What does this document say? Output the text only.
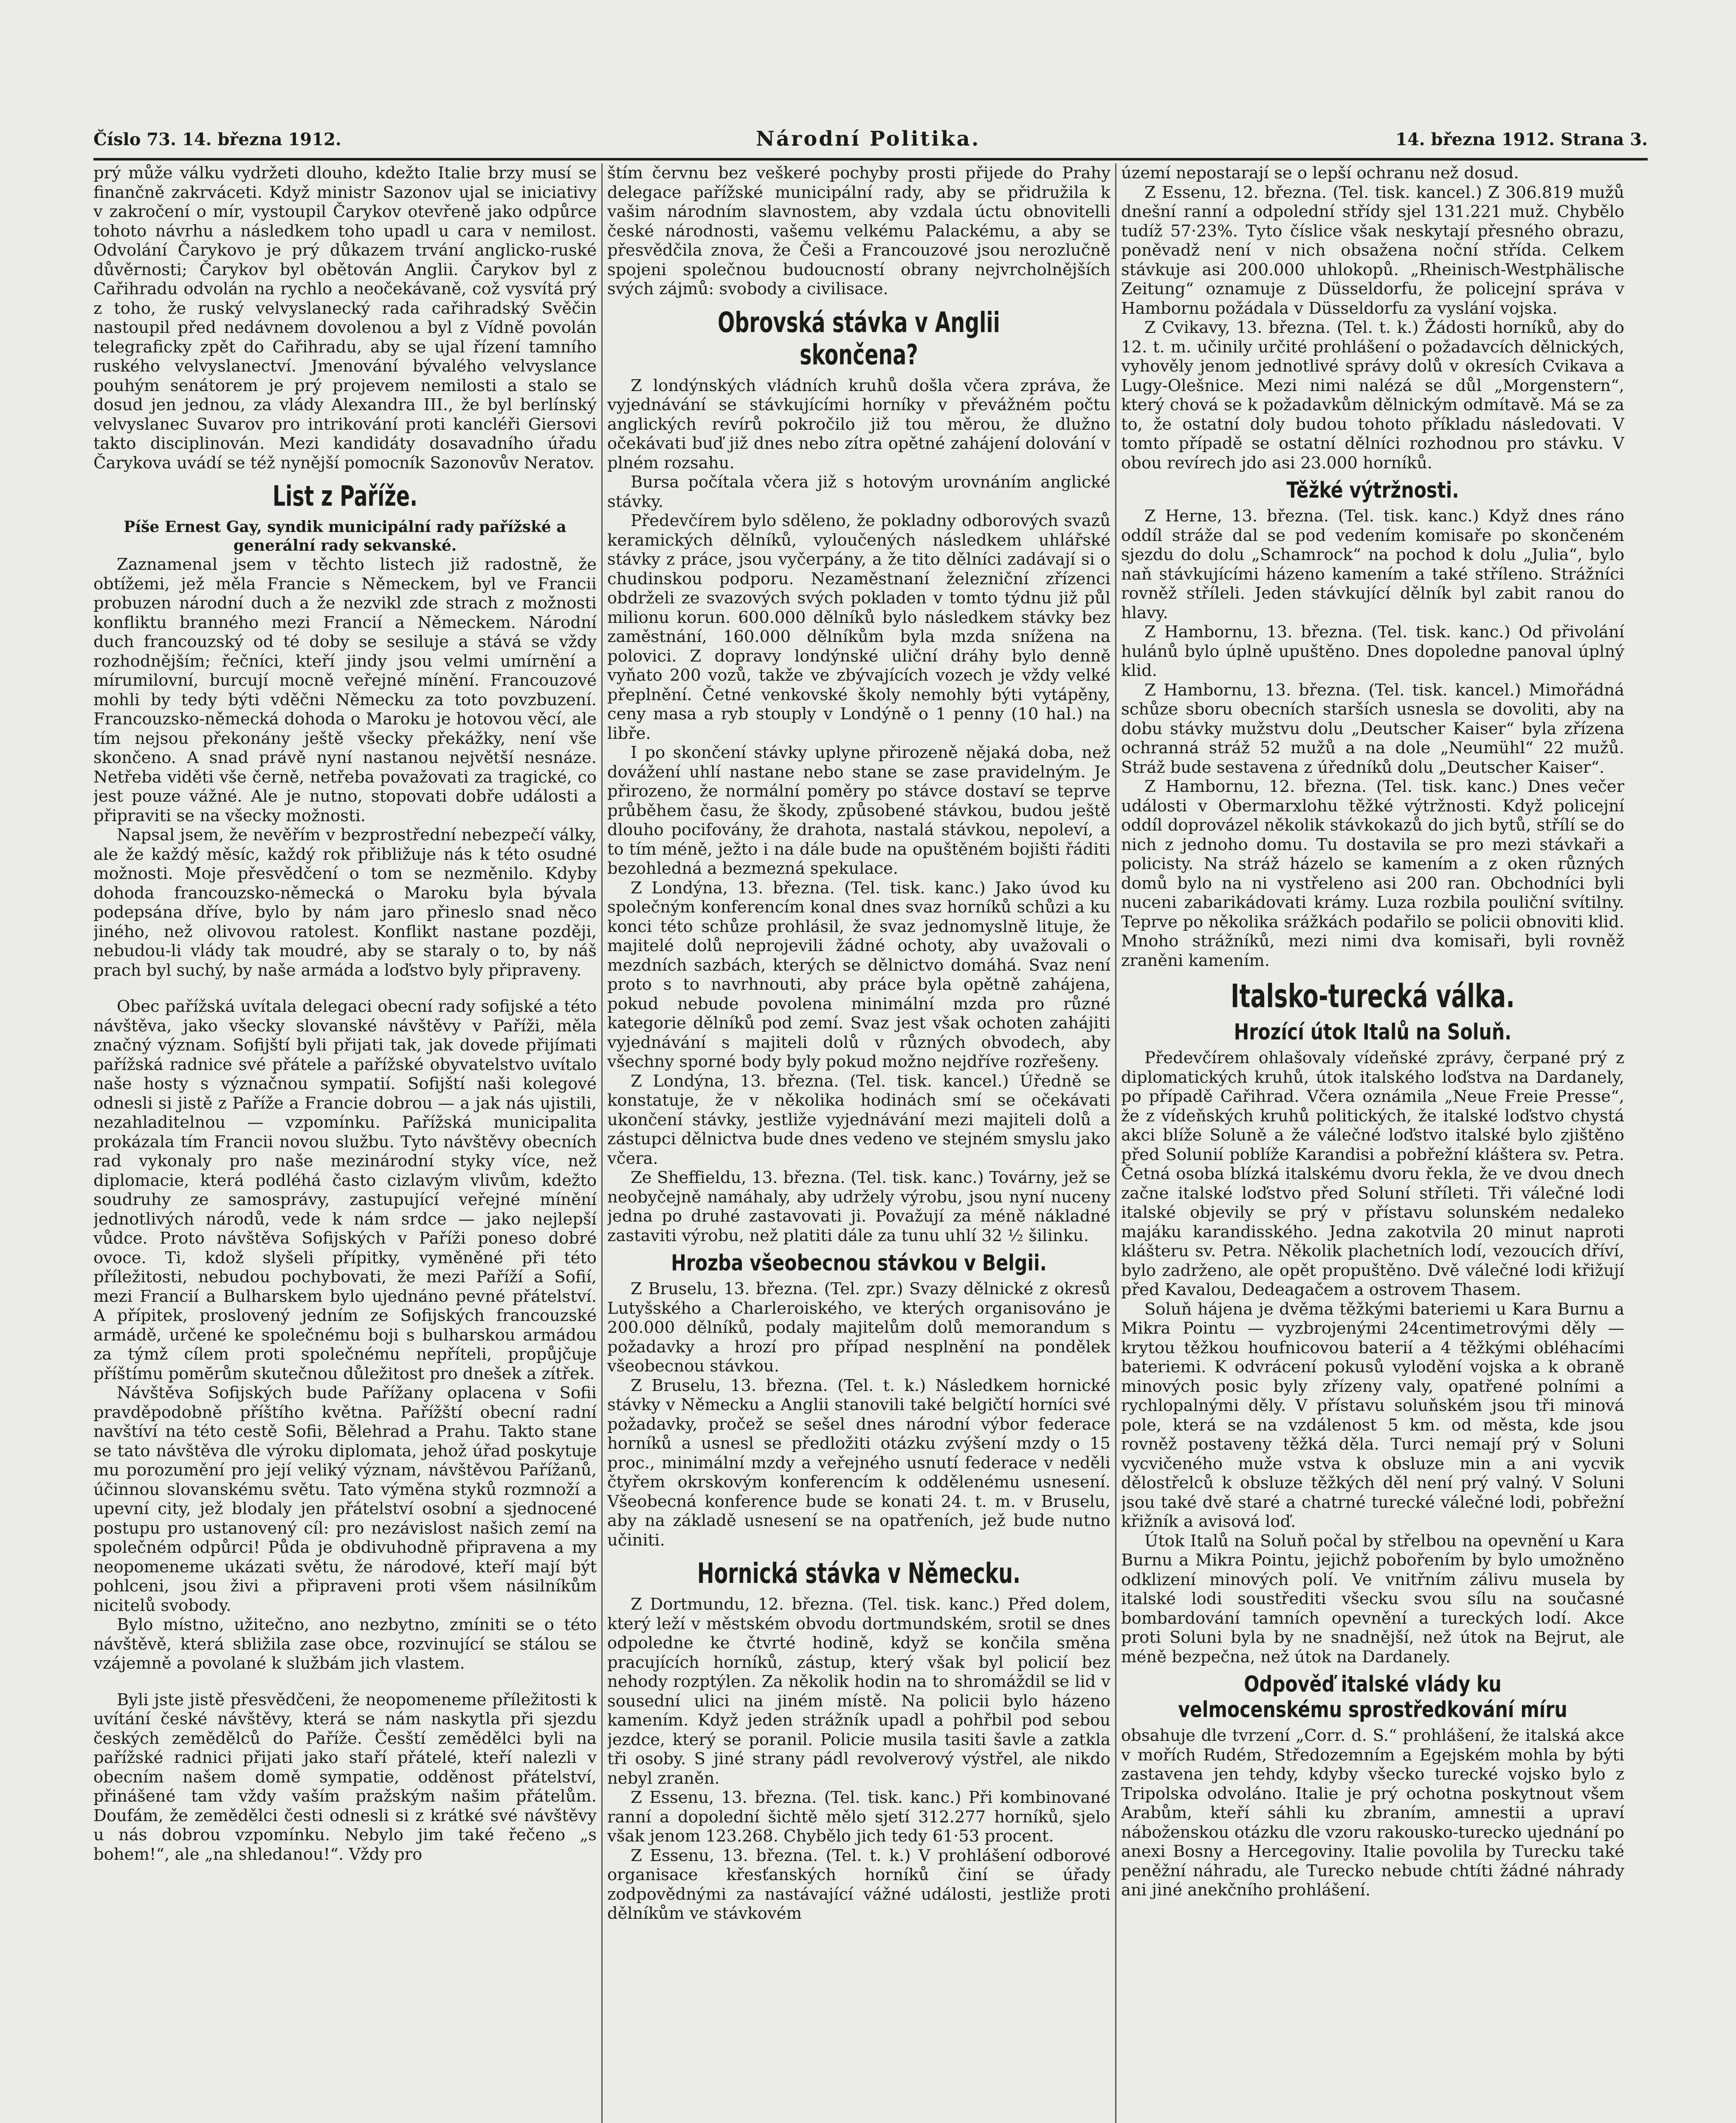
Číslo 73. 14. března 1912.	Národní Politika.	14. března 1912. Strana 3.

prý může válku vydržeti dlouho, kdežto Italie brzy musí se finančně zakrváceti. Když ministr Sazonov ujal se iniciativy v zakročení o mír, vystoupil Čarykov otevřeně jako odpůrce tohoto návrhu a následkem toho upadl u cara v nemilost. Odvolání Čarykovo je prý důkazem trvání anglicko-ruské důvěrnosti; Čarykov byl obětován Anglii. Čarykov byl z Cařihradu odvolán na rychlo a neočekávaně, což vysvítá prý z toho, že ruský velvyslanecký rada cařihradský Svěčin nastoupil před nedávnem dovolenou a byl z Vídně povolán telegraficky zpět do Cařihradu, aby se ujal řízení tamního ruského velvyslanectví. Jmenování bývalého velvyslance pouhým senátorem je prý projevem nemilosti a stalo se dosud jen jednou, za vlády Alexandra III., že byl berlínský velvyslanec Suvarov pro intrikování proti kancléři Giersovi takto disciplinován. Mezi kandidáty dosavadního úřadu Čarykova uvádí se též nynější pomocník Sazonovův Neratov.

List z Paříže.

Píše Ernest Gay, syndik municipální rady pařížské a generální rady sekvanské.

Zaznamenal jsem v těchto listech již radostně, že obtížemi, jež měla Francie s Německem, byl ve Francii probuzen národní duch a že nezvikl zde strach z možnosti konfliktu branného mezi Francií a Německem. Národní duch francouzský od té doby se sesiluje a stává se vždy rozhodnějším; řečníci, kteří jindy jsou velmi umírnění a mírumilovní, burcují mocně veřejné mínění. Francouzové mohli by tedy býti vděčni Německu za toto povzbuzení. Francouzsko-německá dohoda o Maroku je hotovou věcí, ale tím nejsou překonány ještě všecky překážky, není vše skončeno. A snad právě nyní nastanou největší nesnáze. Netřeba viděti vše černě, netřeba považovati za tragické, co jest pouze vážné. Ale je nutno, stopovati dobře události a připraviti se na všecky možnosti.

Napsal jsem, že nevěřím v bezprostřední nebezpečí války, ale že každý měsíc, každý rok přibližuje nás k této osudné možnosti. Moje přesvědčení o tom se nezměnilo. Kdyby dohoda francouzsko-německá o Maroku byla bývala podepsána dříve, bylo by nám jaro přineslo snad něco jiného, než olivovou ratolest. Konflikt nastane později, nebudou-li vlády tak moudré, aby se staraly o to, by náš prach byl suchý, by naše armáda a loďstvo byly připraveny.

Obec pařížská uvítala delegaci obecní rady sofijské a této návštěva, jako všecky slovanské návštěvy v Paříži, měla značný význam. Sofijští byli přijati tak, jak dovede přijímati pařížská radnice své přátele a pařížské obyvatelstvo uvítalo naše hosty s význačnou sympatií. Sofijští naši kolegové odnesli si jistě z Paříže a Francie dobrou — a jak nás ujistili, nezahladitelnou — vzpomínku. Pařížská municipalita prokázala tím Francii novou službu. Tyto návštěvy obecních rad vykonaly pro naše mezinárodní styky více, než diplomacie, která podléhá často cizlavým vlivům, kdežto soudruhy ze samosprávy, zastupující veřejné mínění jednotlivých národů, vede k nám srdce — jako nejlepší vůdce. Proto návštěva Sofijských v Paříži poneso dobré ovoce. Ti, kdož slyšeli přípitky, vyměněné při této příležitosti, nebudou pochybovati, že mezi Paříží a Sofií, mezi Francií a Bulharskem bylo ujednáno pevné přátelství. A přípitek, proslovený jedním ze Sofijských francouzské armádě, určené ke společnému boji s bulharskou armádou za týmž cílem proti společnému nepříteli, propůjčuje příštímu pomĕrům skutečnou důležitost pro dnešek a zítřek.

Návštěva Sofijských bude Pařížany oplacena v Sofii pravděpodobně příštího května. Pařížští obecní radní navštíví na této cestě Sofii, Bělehrad a Prahu. Takto stane se tato návštěva dle výroku diplomata, jehož úřad poskytuje mu porozumění pro její veliký význam, návštěvou Pařížanů, účinnou slovanskému světu. Tato výměna styků rozmnoží a upevní city, jež blodaly jen přátelství osobní a sjednocené postupu pro ustanovený cíl: pro nezávislost našich zemí na společném odpůrci! Půda je obdivuhodně připravena a my neopomeneme ukázati světu, že národové, kteří mají být pohlceni, jsou živi a připraveni proti všem násilníkům nicitelů svobody.

Bylo místno, užitečno, ano nezbytno, zmíniti se o této návštěvě, která sbližila zase obce, rozvinující se stálou se vzájemně a povolané k službám jich vlastem.

Byli jste jistě přesvědčeni, že neopomeneme příležitosti k uvítání české návštěvy, která se nám naskytla při sjezdu českých zemědělců do Paříže. Česští zemědělci byli na pařížské radnici přijati jako staří přátelé, kteří nalezli v obecním našem domě sympatie, odděnost přátelství, přinášené tam vždy vaším pražským našim přátelům. Doufám, že zemědělci česti odnesli si z krátké své návštěvy u nás dobrou vzpomínku. Nebylo jim také řečeno „s bohem!“, ale „na shledanou!“. Vždy pro

štím červnu bez veškeré pochyby prosti přijede do Prahy delegace pařížské municipální rady, aby se přidružila k vašim národním slavnostem, aby vzdala úctu obnovitelli české národnosti, vašemu velkému Palackému, a aby se přesvědčila znova, že Češi a Francouzové jsou nerozlučně spojeni společnou budoucností obrany nejvrcholnějších svých zájmů: svobody a civilisace.

Obrovská stávka v Anglii skončena?

Z londýnských vládních kruhů došla včera zpráva, že vyjednávání se stávkujícími horníky v převážném počtu anglických revírů pokročilo již tou měrou, že dlužno očekávati buď již dnes nebo zítra opětné zahájení dolování v plném rozsahu.

Bursa počítala včera již s hotovým urovnáním anglické stávky.

Předevčírem bylo sděleno, že pokladny odborových svazů keramických dělníků, vyloučených následkem uhlářské stávky z práce, jsou vyčerpány, a že tito dělníci zadávají si o chudinskou podporu. Nezaměstnaní železniční zřízenci obdrželi ze svazových svých pokladen v tomto týdnu již půl milionu korun. 600.000 dělníků bylo následkem stávky bez zaměstnání, 160.000 dělníkům byla mzda snížena na polovici. Z dopravy londýnské uliční dráhy bylo denně vyňato 200 vozů, takže ve zbývajících vozech je vždy velké přeplnění. Četné venkovské školy nemohly býti vytápěny, ceny masa a ryb stouply v Londýně o 1 penny (10 hal.) na libře.

I po skončení stávky uplyne přirozeně nějaká doba, než dovážení uhlí nastane nebo stane se zase pravidelným. Je přirozeno, že normální poměry po stávce dostaví se teprve průběhem času, že škody, způsobené stávkou, budou ještě dlouho pocifovány, že drahota, nastalá stávkou, nepoleví, a to tím méně, ježto i na dále bude na opuštěném bojišti řáditi bezohledná a bezmezná spekulace.

Z Londýna, 13. března. (Tel. tisk. kanc.) Jako úvod ku společným konferencím konal dnes svaz horníků schůzi a ku konci této schůze prohlásil, že svaz jednomyslně lituje, že majitelé dolů neprojevili žádné ochoty, aby uvažovali o mezdních sazbách, kterých se dělnictvo domáhá. Svaz není proto s to navrhnouti, aby práce byla opětně zahájena, pokud nebude povolena minimální mzda pro různé kategorie dělníků pod zemí. Svaz jest však ochoten zahájiti vyjednávání s majiteli dolů v různých obvodech, aby všechny sporné body byly pokud možno nejdříve rozřešeny.

Z Londýna, 13. března. (Tel. tisk. kancel.) Úředně se konstatuje, že v několika hodinách smí se očekávati ukončení stávky, jestliže vyjednávání mezi majiteli dolů a zástupci dělnictva bude dnes vedeno ve stejném smyslu jako včera.

Ze Sheffieldu, 13. března. (Tel. tisk. kanc.) Továrny, jež se neobyčejně namáhaly, aby udržely výrobu, jsou nyní nuceny jedna po druhé zastavovati ji. Považují za méně nákladné zastaviti výrobu, než platiti dále za tunu uhlí 32 ½ šilinku.

Hrozba všeobecnou stávkou v Belgii.

Z Bruselu, 13. března. (Tel. zpr.) Svazy dělnické z okresů Lutyšského a Charleroiského, ve kterých organisováno je 200.000 dělníků, podaly majitelům dolů memorandum s požadavky a hrozí pro případ nesplnění na pondělek všeobecnou stávkou.

Z Bruselu, 13. března. (Tel. t. k.) Následkem hornické stávky v Německu a Anglii stanovili také belgičtí horníci své požadavky, pročež se sešel dnes národní výbor federace horníků a usnesl se předložiti otázku zvýšení mzdy o 15 proc., minimální mzdy a veřejného usnutí federace v neděli čtyřem okrskovým konferencím k oddělenému usnesení. Všeobecná konference bude se konati 24. t. m. v Bruselu, aby na základě usnesení se na opatřeních, jež bude nutno učiniti.

Hornická stávka v Německu.

Z Dortmundu, 12. března. (Tel. tisk. kanc.) Před dolem, který leží v městském obvodu dortmundském, srotil se dnes odpoledne ke čtvrté hodině, když se končila směna pracujících horníků, zástup, který však byl policií bez nehody rozptýlen. Za několik hodin na to shromáždil se lid v sousední ulici na jiném místě. Na policii bylo házeno kamením. Když jeden strážník upadl a pohřbil pod sebou jezdce, který se poranil. Policie musila tasiti šavle a zatkla tři osoby. S jiné strany pádl revolverový výstřel, ale nikdo nebyl zraněn.

Z Essenu, 13. března. (Tel. tisk. kanc.) Při kombinované ranní a dopolední šichtě mělo sjetí 312.277 horníků, sjelo však jenom 123.268. Chybělo jich tedy 61·53 procent.

Z Essenu, 13. března. (Tel. t. k.) V prohlášení odborové organisace křesťanských horníků činí se úřady zodpovědnými za nastávající vážné události, jestliže proti dělníkům ve stávkovém

území nepostarají se o lepší ochranu než dosud.

Z Essenu, 12. března. (Tel. tisk. kancel.) Z 306.819 mužů dnešní ranní a odpolední střídy sjel 131.221 muž. Chybělo tudíž 57·23%. Tyto číslice však neskytají přesného obrazu, poněvadž není v nich obsažena noční střída. Celkem stávkuje asi 200.000 uhlokopů. „Rheinisch-Westphälische Zeitung“ oznamuje z Düsseldorfu, že policejní správa v Hambornu požádala v Düsseldorfu za vyslání vojska.

Z Cvikavy, 13. března. (Tel. t. k.) Žádosti horníků, aby do 12. t. m. učinily určité prohlášení o požadavcích dělnických, vyhověly jenom jednotlivé správy dolů v okresích Cvikava a Lugy-Olešnice. Mezi nimi nalézá se důl „Morgenstern“, který chová se k požadavkům dělnickým odmítavě. Má se za to, že ostatní doly budou tohoto příkladu následovati. V tomto případě se ostatní dělníci rozhodnou pro stávku. V obou revírech jdo asi 23.000 horníků.

Těžké výtržnosti.

Z Herne, 13. března. (Tel. tisk. kanc.) Když dnes ráno oddíl stráže dal se pod vedením komisaře po skončeném sjezdu do dolu „Schamrock“ na pochod k dolu „Julia“, bylo naň stávkujícími házeno kamením a také stříleno. Strážníci rovněž stříleli. Jeden stávkující dělník byl zabit ranou do hlavy.

Z Hambornu, 13. března. (Tel. tisk. kanc.) Od přivolání hulánů bylo úplně upuštěno. Dnes dopoledne panoval úplný klid.

Z Hambornu, 13. března. (Tel. tisk. kancel.) Mimořádná schůze sboru obecních starších usnesla se dovoliti, aby na dobu stávky mužstvu dolu „Deutscher Kaiser“ byla zřízena ochranná stráž 52 mužů a na dole „Neumühl“ 22 mužů. Stráž bude sestavena z úředníků dolu „Deutscher Kaiser“.

Z Hambornu, 12. března. (Tel. tisk. kanc.) Dnes večer události v Obermarxlohu těžké výtržnosti. Když policejní oddíl doprovázel několik stávkokazů do jich bytů, střílí se do nich z jednoho domu. Tu dostavila se pro mezi stávkaři a policisty. Na stráž házelo se kamením a z oken různých domů bylo na ni vystřeleno asi 200 ran. Obchodníci byli nuceni zabarikádovati krámy. Luza rozbila pouliční svítilny. Teprve po několika srážkách podařilo se policii obnoviti klid. Mnoho strážníků, mezi nimi dva komisaři, byli rovněž zraněni kamením.

Italsko-turecká válka.
Hrozící útok Italů na Soluň.

Předevčírem ohlašovaly vídeňské zprávy, čerpané prý z diplomatických kruhů, útok italského loďstva na Dardanely, po případě Cařihrad. Včera oznámila „Neue Freie Presse“, že z vídeňských kruhů politických, že italské loďstvo chystá akci blíže Soluně a že válečné loďstvo italské bylo zjištěno před Solunií poblíže Karandisi a pobřežní kláštera sv. Petra. Četná osoba blízká italskému dvoru řekla, že ve dvou dnech začne italské loďstvo před Soluní stříleti. Tři válečné lodi italské objevily se prý v přístavu solunském nedaleko majáku karandisského. Jedna zakotvila 20 minut naproti klášteru sv. Petra. Několik plachetních lodí, vezoucích dříví, bylo zadrženo, ale opět propuštěno. Dvě válečné lodi křižují před Kavalou, Dedeagačem a ostrovem Thasem.

Soluň hájena je dvěma těžkými bateriemi u Kara Burnu a Mikra Pointu — vyzbrojenými 24centimetrovými děly — krytou těžkou houfnicovou baterií a 4 těžkými obléhacími bateriemi. K odvrácení pokusů vylodění vojska a k obraně minových posic byly zřízeny valy, opatřené polními a rychlopalnými děly. V přístavu soluňském jsou tři minová pole, která se na vzdálenost 5 km. od města, kde jsou rovněž postaveny těžká děla. Turci nemají prý v Soluni vycvičeného muže vstva k obsluze min a ani vycvik dělostřelců k obsluze těžkých děl není prý valný. V Soluni jsou také dvě staré a chatrné turecké válečné lodi, pobřežní křižník a avisová loď.

Útok Italů na Soluň počal by střelbou na opevnění u Kara Burnu a Mikra Pointu, jejichž pobořením by bylo umožněno odklizení minových polí. Ve vnitřním zálivu musela by italské lodi soustřediti všecku svou sílu na současné bombardování tamních opevnění a tureckých lodí. Akce proti Soluni byla by ne snadnější, než útok na Bejrut, ale méně bezpečna, než útok na Dardanely.

Odpověď italské vlády ku velmocenskému sprostředkování míru

obsahuje dle tvrzení „Corr. d. S.“ prohlášení, že italská akce v mořích Rudém, Středozemním a Egejském mohla by býti zastavena jen tehdy, kdyby všecko turecké vojsko bylo z Tripolska odvoláno. Italie je prý ochotna poskytnout všem Arabům, kteří sáhli ku zbraním, amnestii a upraví náboženskou otázku dle vzoru rakousko-turecko ujednání po anexi Bosny a Hercegoviny. Italie povolila by Turecku také peněžní náhradu, ale Turecko nebude chtíti žádné náhrady ani jiné anekčního prohlášení.
